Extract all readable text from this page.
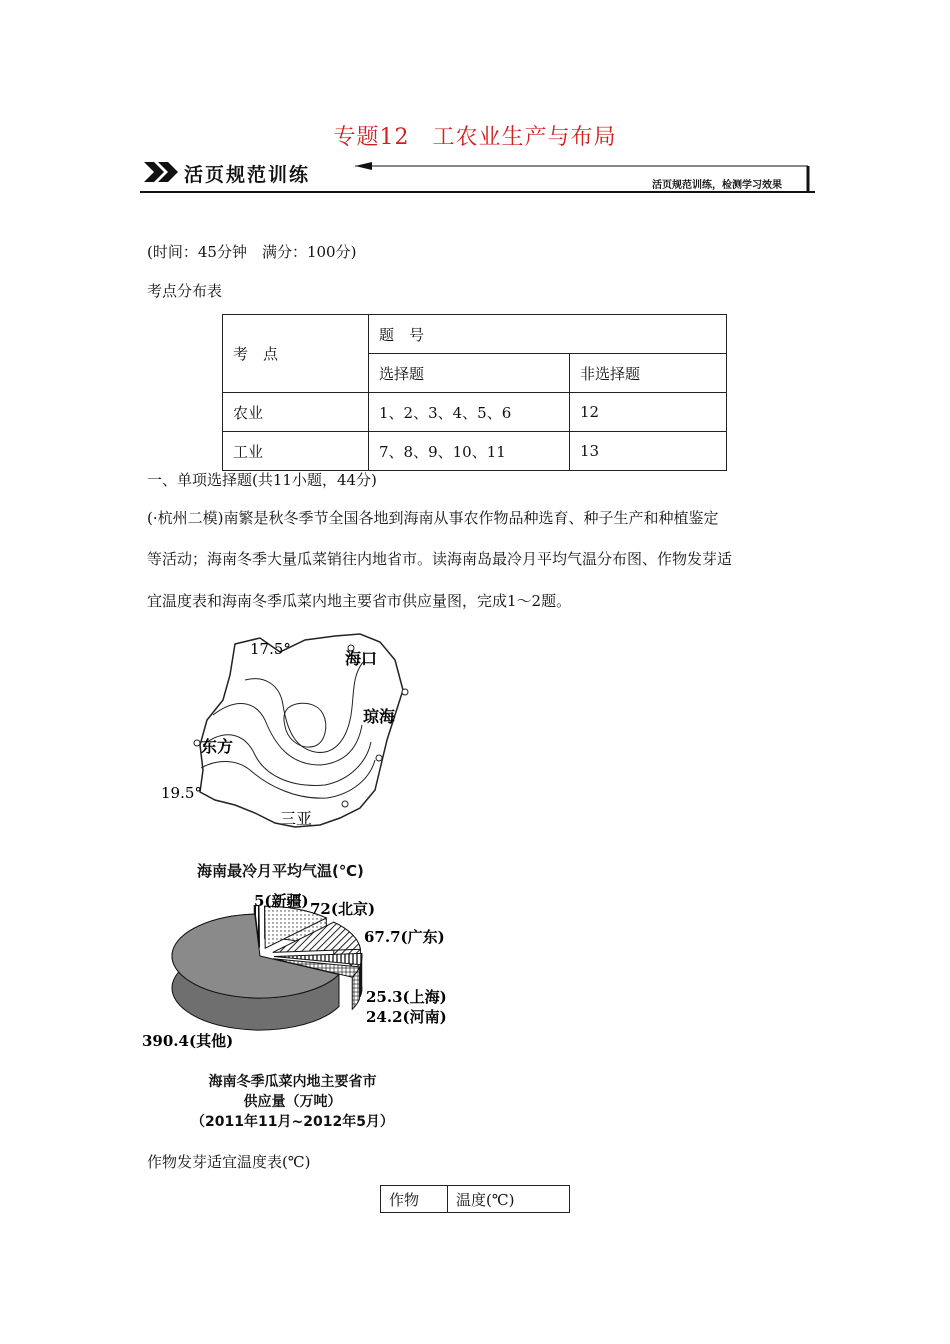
专题12　工农业生产与布局
活页规范训练	活页规范训练，检测学习效果
(时间：45分钟　满分：100分)
考点分布表
考　点	题　号	
	选择题	非选择题
农业	1、2、3、4、5、6	12
工业	7、8、9、10、11	13
一、单项选择题(共11小题，44分)
(·杭州二模)南繁是秋冬季节全国各地到海南从事农作物品种选育、种子生产和种植鉴定
等活动；海南冬季大量瓜菜销往内地省市。读海南岛最冷月平均气温分布图、作物发芽适
宜温度表和海南冬季瓜菜内地主要省市供应量图，完成1～2题。
17.5°
19.5°
海口
琼海
东方
三亚
海南最冷月平均气温(℃)
5(新疆) 72(北京)
67.7(广东)
25.3(上海)
24.2(河南)
390.4(其他)
海南冬季瓜菜内地主要省市
供应量（万吨）
（2011年11月~2012年5月）
作物发芽适宜温度表(℃)
作物	温度(℃)
